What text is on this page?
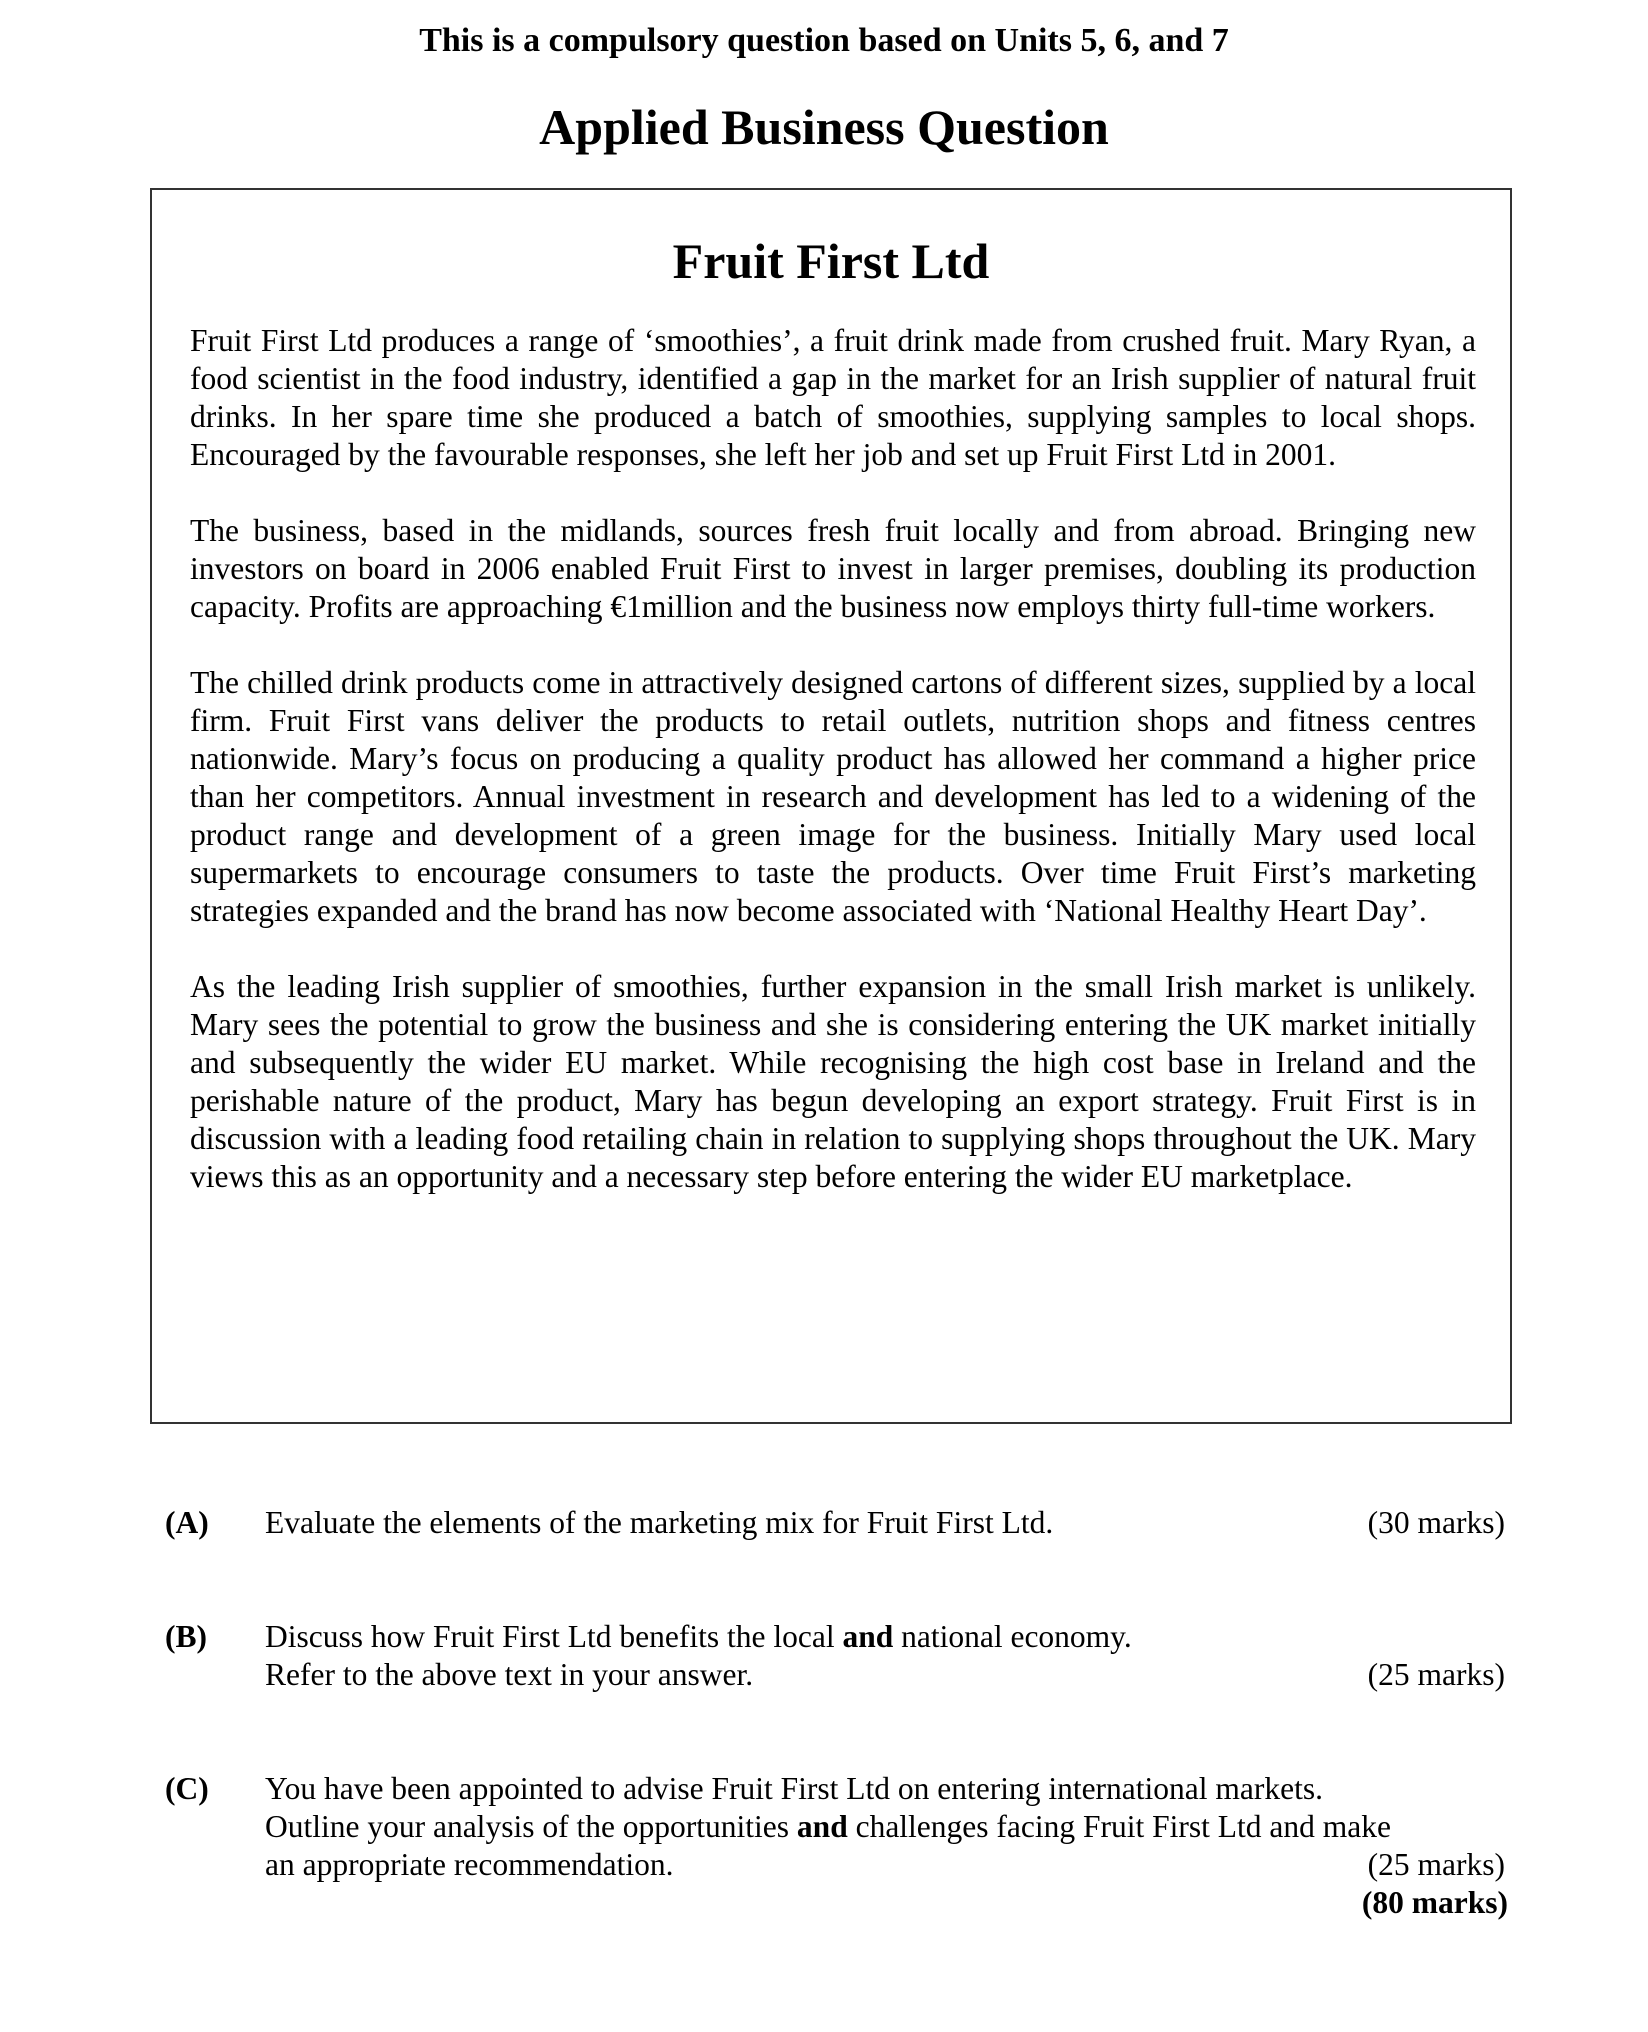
This is a compulsory question based on Units 5, 6, and 7
Applied Business Question
Fruit First Ltd

Fruit First Ltd produces a range of ‘smoothies’, a fruit drink made from crushed fruit. Mary Ryan, a food scientist in the food industry, identified a gap in the market for an Irish supplier of natural fruit drinks. In her spare time she produced a batch of smoothies, supplying samples to local shops. Encouraged by the favourable responses, she left her job and set up Fruit First Ltd in 2001.

The business, based in the midlands, sources fresh fruit locally and from abroad. Bringing new investors on board in 2006 enabled Fruit First to invest in larger premises, doubling its production capacity. Profits are approaching €1million and the business now employs thirty full-time workers.

The chilled drink products come in attractively designed cartons of different sizes, supplied by a local firm. Fruit First vans deliver the products to retail outlets, nutrition shops and fitness centres nationwide. Mary’s focus on producing a quality product has allowed her command a higher price than her competitors. Annual investment in research and development has led to a widening of the product range and development of a green image for the business. Initially Mary used local supermarkets to encourage consumers to taste the products. Over time Fruit First’s marketing strategies expanded and the brand has now become associated with ‘National Healthy Heart Day’.

As the leading Irish supplier of smoothies, further expansion in the small Irish market is unlikely. Mary sees the potential to grow the business and she is considering entering the UK market initially and subsequently the wider EU market. While recognising the high cost base in Ireland and the perishable nature of the product, Mary has begun developing an export strategy. Fruit First is in discussion with a leading food retailing chain in relation to supplying shops throughout the UK. Mary views this as an opportunity and a necessary step before entering the wider EU marketplace.

(A) Evaluate the elements of the marketing mix for Fruit First Ltd.	(30 marks)
(B) Discuss how Fruit First Ltd benefits the local and national economy.
Refer to the above text in your answer.	(25 marks)
(C) You have been appointed to advise Fruit First Ltd on entering international markets.
Outline your analysis of the opportunities and challenges facing Fruit First Ltd and make
an appropriate recommendation.	(25 marks)
(80 marks)
